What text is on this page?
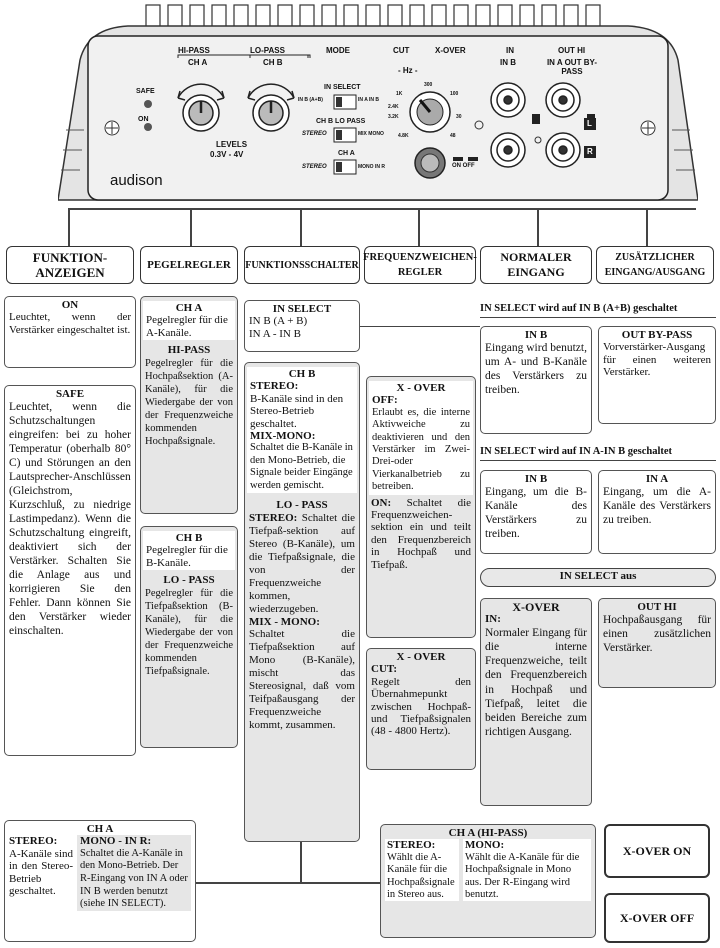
audison
HI-PASS	LO-PASS	MODE	CUT	X-OVER	IN	OUT HI
CH A	CH B
- Hz -
SAFE
ON
LEVELS
0.3V - 4V
IN SELECT
IN B (A+B)	IN A IN B
CH B LO PASS
STEREO	MIX MONO
CH A
STEREO	MONO IN R
IN B	IN A OUT BY-PASS
L
R
ON OFF
1K
300
100
3.2K	30
4.8K	48
2.4K
FUNKTION-
ANZEIGEN
PEGELREGLER	FUNKTIONSSCHALTER
FREQUENZWEICHEN-
REGLER
NORMALER
EINGANG
ZUSÄTZLICHER
EINGANG/AUSGANG
ON
Leuchtet, wenn der Verstärker eingeschaltet ist.
SAFE
Leuchtet, wenn die Schutzschaltungen eingreifen: bei zu hoher Temperatur (oberhalb 80° C) und Störungen an den Lautsprecher-Anschlüssen (Gleichstrom, Kurzschluß, zu niedrige Lastimpedanz). Wenn die Schutzschaltung eingreift, deaktiviert sich der Verstärker. Schalten Sie die Anlage aus und korrigieren Sie den Fehler. Dann können Sie den Verstärker wieder einschalten.
CH A
Pegelregler für die A-Kanäle.
HI-PASS
Pegelregler für die Hochpaßsektion (A-Kanäle), für die Wiedergabe der von der Frequenzweiche kommenden Hochpaßsignale.
CH B
Pegelregler für die B-Kanäle.
LO - PASS
Pegelregler für die Tiefpaßsektion (B-Kanäle), für die Wiedergabe der von der Frequenzweiche kommenden Tiefpaßsignale.
IN SELECT
IN B (A + B)
IN A - IN B
CH B
STEREO:
B-Kanäle sind in den Stereo-Betrieb geschaltet.
MIX-MONO:
Schaltet die B-Kanäle in den Mono-Betrieb, die Signale beider Eingänge werden gemischt.
LO - PASS
STEREO: Schaltet die Tiefpaß-sektion auf Stereo (B-Kanäle), um die Tiefpaßsignale, die von der Frequenzweiche kommen, wiederzugeben.
MIX - MONO:
Schaltet die Tiefpaßsektion auf Mono (B-Kanäle), mischt das Stereosignal, daß vom Teifpaßausgang der Frequenzweiche kommt, zusammen.
X - OVER
OFF:
Erlaubt es, die interne Aktivweiche zu deaktivieren und den Verstärker im Zwei-Drei-oder Vierkanalbetrieb zu betreiben.
ON: Schaltet die Frequenzweichen-sektion ein und teilt den Frequenzbereich in Hochpaß und Tiefpaß.
X - OVER
CUT:
Regelt den Übernahmepunkt zwischen Hochpaß- und Tiefpaßsignalen (48 - 4800 Hertz).
IN SELECT wird auf IN B (A+B) geschaltet
IN B
Eingang wird benutzt, um A- und B-Kanäle des Verstärkers zu treiben.
OUT BY-PASS
Vorverstärker-Ausgang für einen weiteren Verstärker.
IN SELECT wird auf IN A-IN B geschaltet
IN B
Eingang, um die B-Kanäle des Verstärkers zu treiben.
IN A
Eingang, um die A-Kanäle des Verstärkers zu treiben.
IN SELECT aus
X-OVER
IN:
Normaler Eingang für die interne Frequenzweiche, teilt den Frequenzbereich in Hochpaß und Tiefpaß, leitet die beiden Bereiche zum richtigen Ausgang.
OUT HI
Hochpaßausgang für einen zusätzlichen Verstärker.
CH A
STEREO:
A-Kanäle sind in den Stereo-Betrieb geschaltet.
MONO - IN R:
Schaltet die A-Kanäle in den Mono-Betrieb. Der R-Eingang von IN A oder IN B werden benutzt (siehe IN SELECT).
CH A (HI-PASS)
STEREO:
Wählt die A-Kanäle für die Hochpaßsignale in Stereo aus.
MONO:
Wählt die A-Kanäle für die Hochpaßsignale in Mono aus. Der R-Eingang wird benutzt.
X-OVER ON
X-OVER OFF
